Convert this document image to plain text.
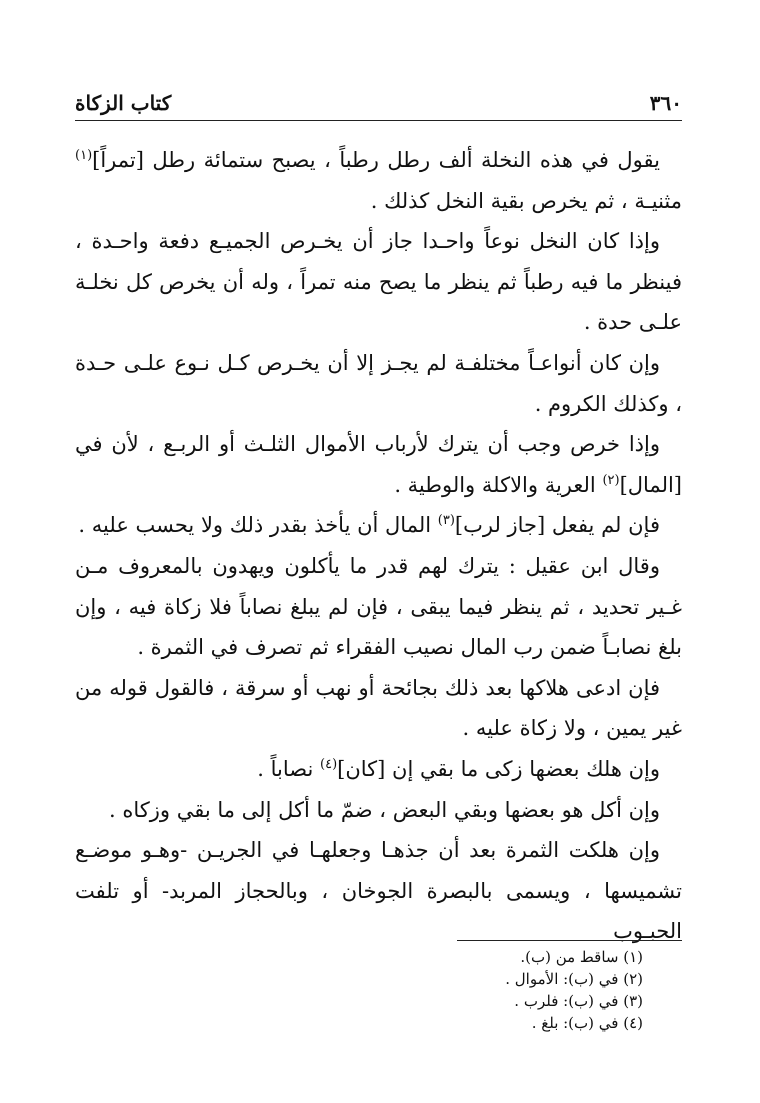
كتاب الزكاة	٣٦٠

يقول في هذه النخلة ألف رطل رطباً ، يصبح ستمائة رطل [تمراً]$^{(١)}$ مثنيـة ، ثم يخرص بقية النخل كذلك .

وإذا كان النخل نوعاً واحـدا جاز أن يخـرص الجميـع دفعة واحـدة ، فينظر ما فيه رطباً ثم ينظر ما يصح منه تمراً ، وله أن يخرص كل نخلـة علـى حدة .

وإن كان أنواعـاً مختلفـة لم يجـز إلا أن يخـرص كـل نـوع علـى حـدة ، وكذلك الكروم .

وإذا خرص وجب أن يترك لأرباب الأموال الثلـث أو الربـع ، لأن في [المال]$^{(٢)}$ العرية والاكلة والوطية .

فإن لم يفعل [جاز لرب]$^{(٣)}$ المال أن يأخذ بقدر ذلك ولا يحسب عليه .

وقال ابن عقيل : يترك لهم قدر ما يأكلون ويهدون بالمعروف مـن غـير تحديد ، ثم ينظر فيما يبقى ، فإن لم يبلغ نصاباً فلا زكاة فيه ، وإن بلغ نصابـاً ضمن رب المال نصيب الفقراء ثم تصرف في الثمرة .

فإن ادعى هلاكها بعد ذلك بجائحة أو نهب أو سرقة ، فالقول قوله من غير يمين ، ولا زكاة عليه .

وإن هلك بعضها زكى ما بقي إن [كان]$^{(٤)}$ نصاباً .

وإن أكل هو بعضها وبقي البعض ، ضمّ ما أكل إلى ما بقي وزكاه .

وإن هلكت الثمرة بعد أن جذهـا وجعلهـا في الجريـن -وهـو موضـع تشميسها ، ويسمى بالبصرة الجوخان ، وبالحجاز المربد- أو تلفت الحبـوب

(١) ساقط من (ب).

(٢) في (ب): الأموال .

(٣) في (ب): فلرب .

(٤) في (ب): بلغ .
